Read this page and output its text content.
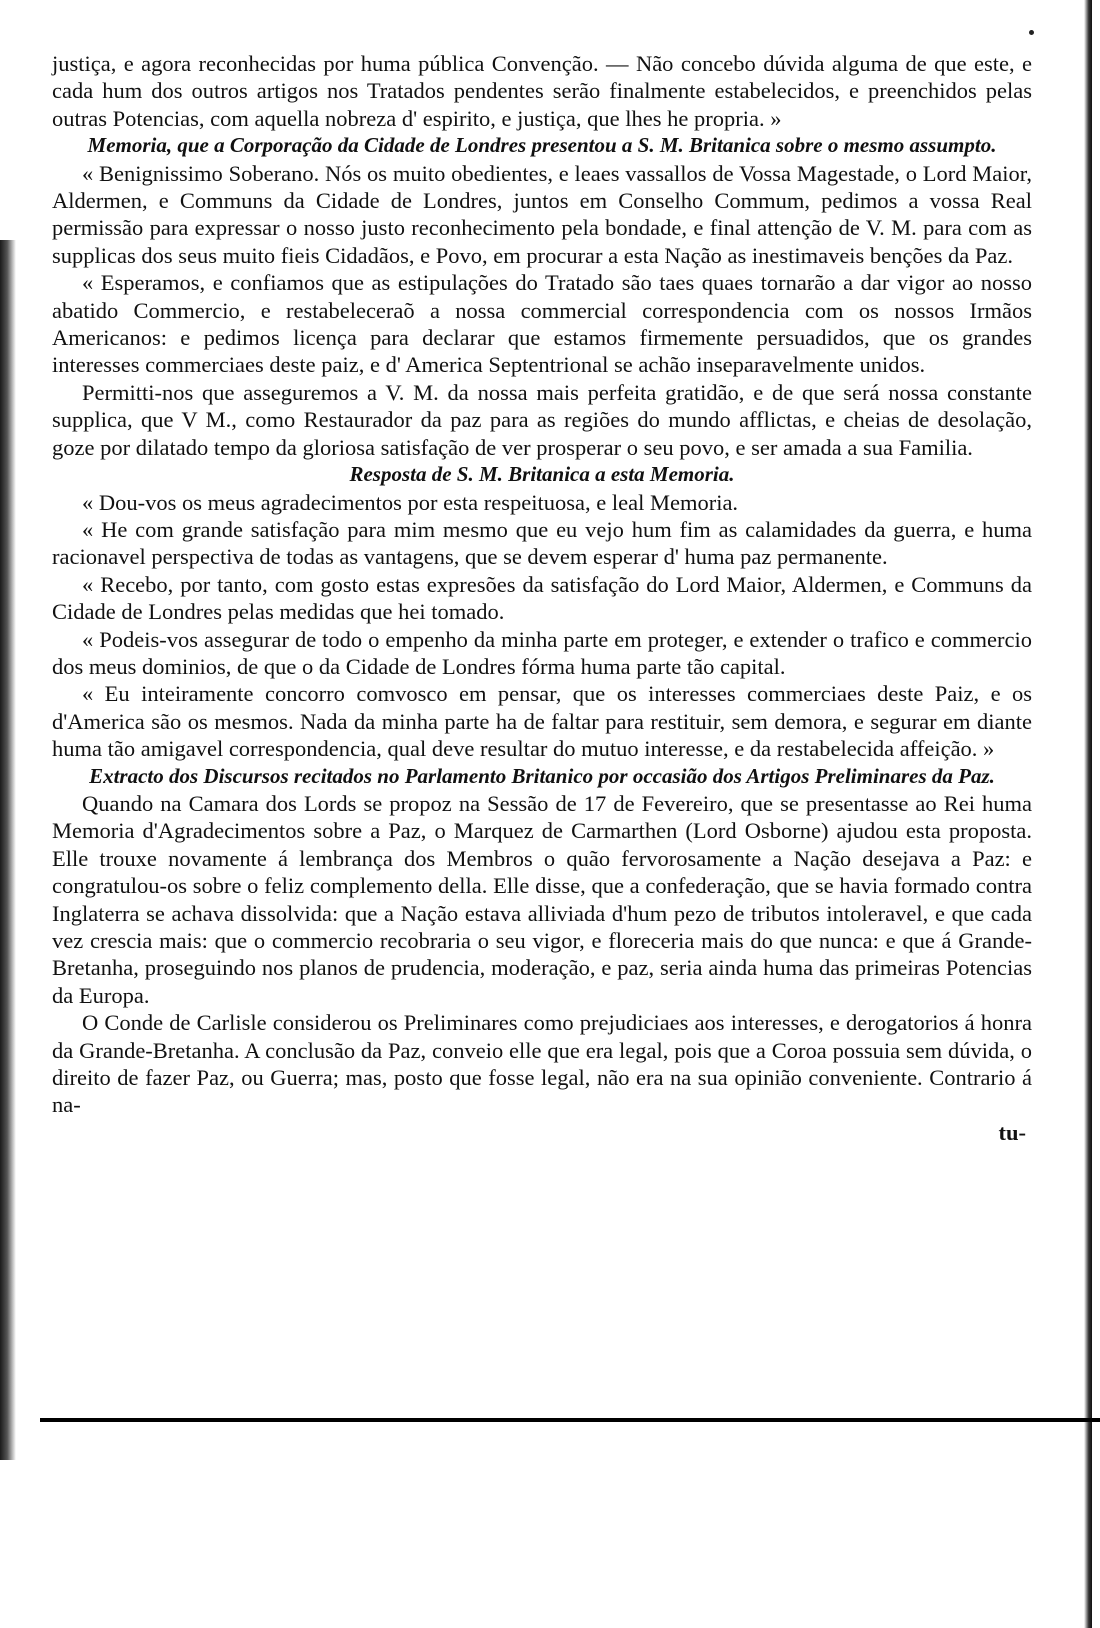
justiça, e agora reconhecidas por huma pública Convenção. — Não concebo dúvida alguma de que este, e cada hum dos outros artigos nos Tratados pendentes serão finalmente estabelecidos, e preenchidos pelas outras Potencias, com aquella nobreza d' espirito, e justiça, que lhes he propria. »

Memoria, que a Corporação da Cidade de Londres presentou a S. M. Britanica sobre o mesmo assumpto.

« Benignissimo Soberano. Nós os muito obedientes, e leaes vassallos de Vossa Magestade, o Lord Maior, Aldermen, e Communs da Cidade de Londres, juntos em Conselho Commum, pedimos a vossa Real permissão para expressar o nosso justo reconhecimento pela bondade, e final attenção de V. M. para com as supplicas dos seus muito fieis Cidadãos, e Povo, em procurar a esta Nação as inestimaveis benções da Paz.

« Esperamos, e confiamos que as estipulações do Tratado são taes quaes tornarão a dar vigor ao nosso abatido Commercio, e restabeleceraõ a nossa commercial correspondencia com os nossos Irmãos Americanos: e pedimos licença para declarar que estamos firmemente persuadidos, que os grandes interesses commerciaes deste paiz, e d' America Septentrional se achão inseparavelmente unidos.

Permitti-nos que asseguremos a V. M. da nossa mais perfeita gratidão, e de que será nossa constante supplica, que V M., como Restaurador da paz para as regiões do mundo afflictas, e cheias de desolação, goze por dilatado tempo da gloriosa satisfação de ver prosperar o seu povo, e ser amada a sua Familia.

Resposta de S. M. Britanica a esta Memoria.

« Dou-vos os meus agradecimentos por esta respeituosa, e leal Memoria.

« He com grande satisfação para mim mesmo que eu vejo hum fim as calamidades da guerra, e huma racionavel perspectiva de todas as vantagens, que se devem esperar d' huma paz permanente.

« Recebo, por tanto, com gosto estas expresões da satisfação do Lord Maior, Aldermen, e Communs da Cidade de Londres pelas medidas que hei tomado.

« Podeis-vos assegurar de todo o empenho da minha parte em proteger, e extender o trafico e commercio dos meus dominios, de que o da Cidade de Londres fórma huma parte tão capital.

« Eu inteiramente concorro comvosco em pensar, que os interesses commerciaes deste Paiz, e os d'America são os mesmos. Nada da minha parte ha de faltar para restituir, sem demora, e segurar em diante huma tão amigavel correspondencia, qual deve resultar do mutuo interesse, e da restabelecida affeição. »

Extracto dos Discursos recitados no Parlamento Britanico por occasião dos Artigos Preliminares da Paz.

Quando na Camara dos Lords se propoz na Sessão de 17 de Fevereiro, que se presentasse ao Rei huma Memoria d'Agradecimentos sobre a Paz, o Marquez de Carmarthen (Lord Osborne) ajudou esta proposta. Elle trouxe novamente á lembrança dos Membros o quão fervorosamente a Nação desejava a Paz: e congratulou-os sobre o feliz complemento della. Elle disse, que a confederação, que se havia formado contra Inglaterra se achava dissolvida: que a Nação estava alliviada d'hum pezo de tributos intoleravel, e que cada vez crescia mais: que o commercio recobraria o seu vigor, e floreceria mais do que nunca: e que á Grande-Bretanha, proseguindo nos planos de prudencia, moderação, e paz, seria ainda huma das primeiras Potencias da Europa.

O Conde de Carlisle considerou os Preliminares como prejudiciaes aos interesses, e derogatorios á honra da Grande-Bretanha. A conclusão da Paz, conveio elle que era legal, pois que a Coroa possuia sem dúvida, o direito de fazer Paz, ou Guerra; mas, posto que fosse legal, não era na sua opinião conveniente. Contrario á na-

tu-
